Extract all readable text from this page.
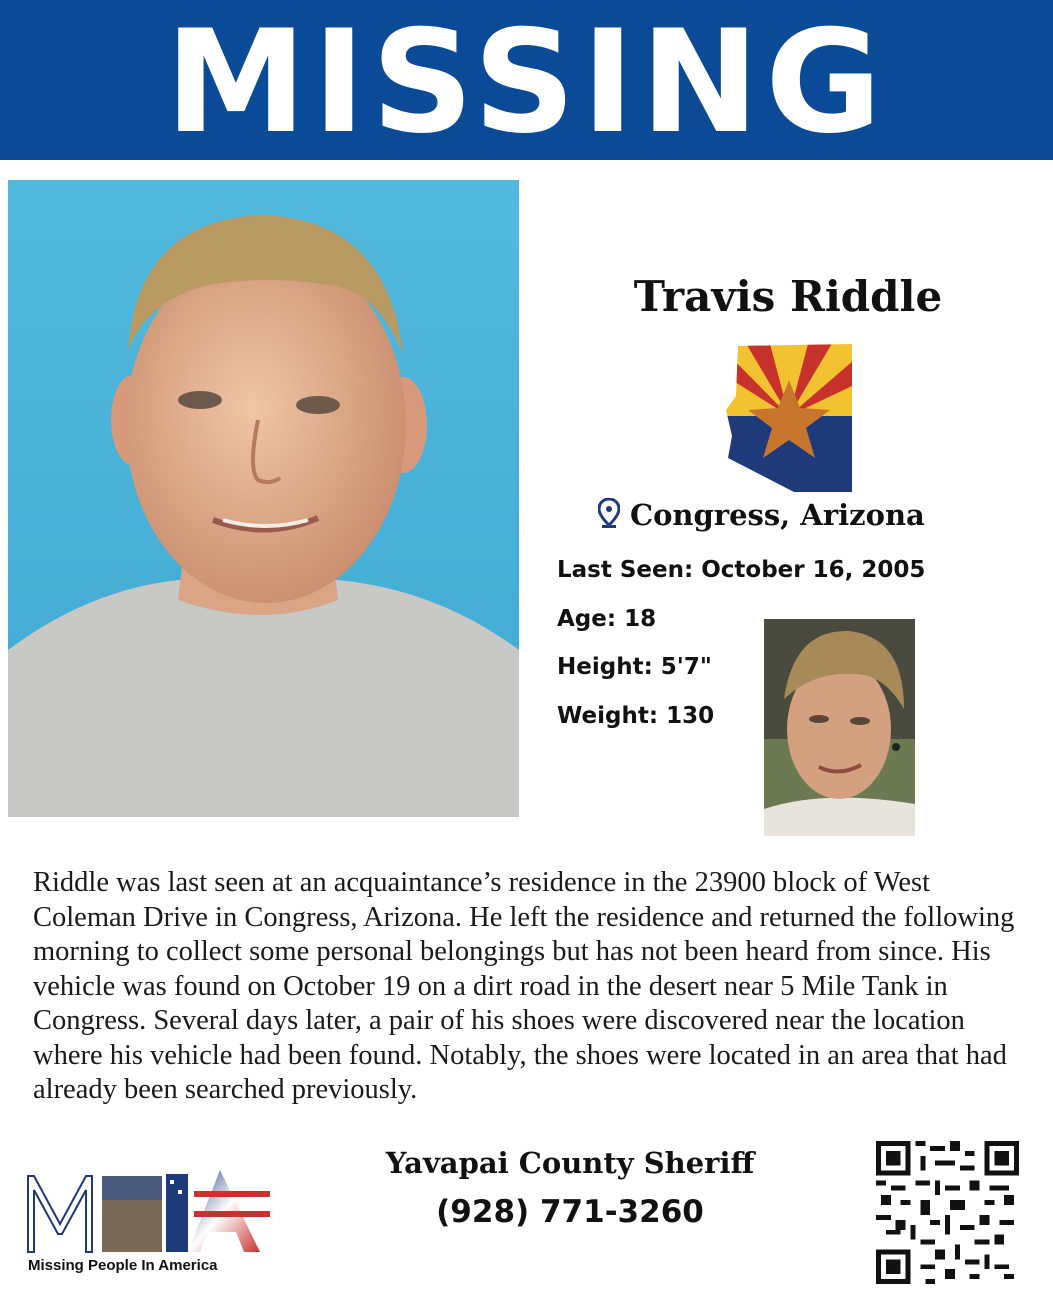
MISSING
Travis Riddle
Congress, Arizona
Last Seen: October 16, 2005
Age: 18
Height: 5'7"
Weight: 130
Riddle was last seen at an acquaintance’s residence in the 23900 block of West Coleman Drive in Congress, Arizona. He left the residence and returned the following morning to collect some personal belongings but has not been heard from since. His vehicle was found on October 19 on a dirt road in the desert near 5 Mile Tank in Congress. Several days later, a pair of his shoes were discovered near the location where his vehicle had been found. Notably, the shoes were located in an area that had already been searched previously.
Missing People In America
Yavapai County Sheriff
(928) 771-3260
